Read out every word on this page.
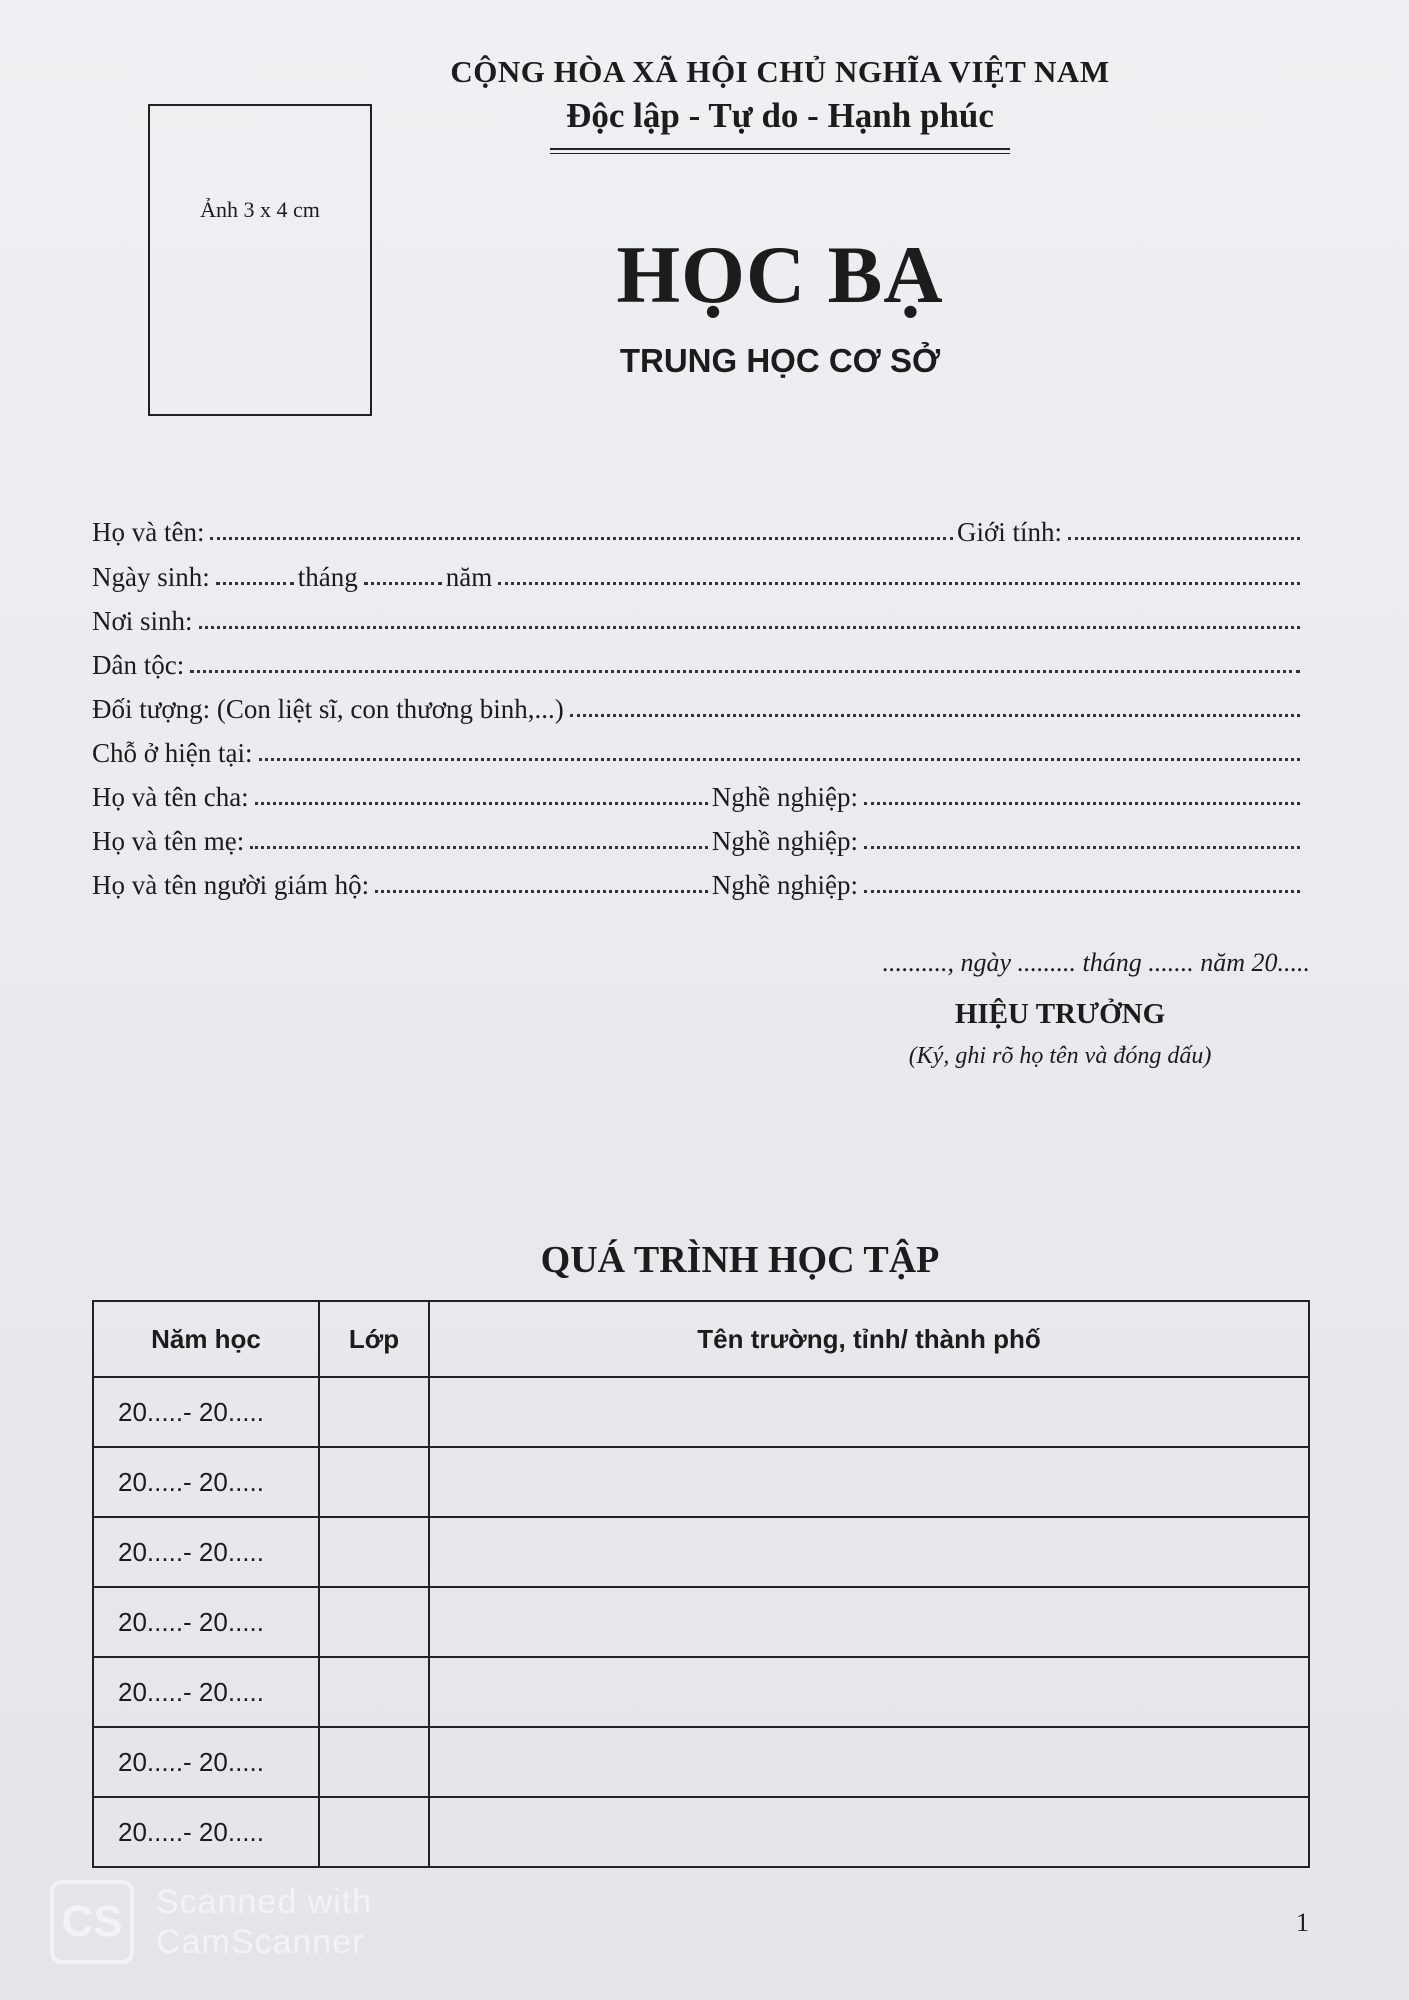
Ảnh 3 x 4 cm
CỘNG HÒA XÃ HỘI CHỦ NGHĨA VIỆT NAM
Độc lập - Tự do - Hạnh phúc
HỌC BẠ
TRUNG HỌC CƠ SỞ
Họ và tên:	Giới tính:
Ngày sinh:	tháng	năm
Nơi sinh:
Dân tộc:
Đối tượng: (Con liệt sĩ, con thương binh,...)
Chỗ ở hiện tại:
Họ và tên cha:	Nghề nghiệp:
Họ và tên mẹ:	Nghề nghiệp:
Họ và tên người giám hộ:	Nghề nghiệp:
.........., ngày ......... tháng ....... năm 20.....
HIỆU TRƯỞNG
(Ký, ghi rõ họ tên và đóng dấu)
QUÁ TRÌNH HỌC TẬP
Năm học	Lớp	Tên trường, tỉnh/ thành phố
20.....- 20.....		
20.....- 20.....		
20.....- 20.....		
20.....- 20.....		
20.....- 20.....		
20.....- 20.....		
20.....- 20.....		
1
CS Scanned with
CamScanner
